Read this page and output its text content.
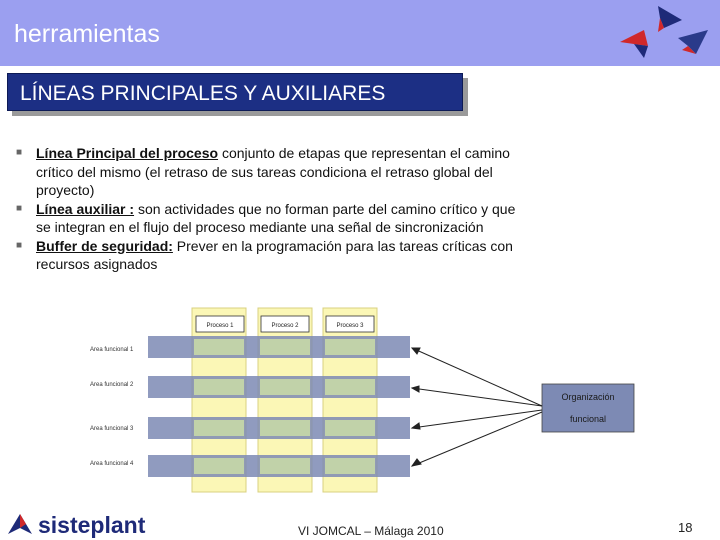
herramientas
LÍNEAS PRINCIPALES Y AUXILIARES
■ Línea Principal del proceso conjunto de etapas que representan el camino crítico del mismo (el retraso de sus tareas condiciona el retraso global del proyecto)
■ Línea auxiliar : son actividades que no forman parte del camino crítico y que se integran en el flujo del proceso mediante una señal de sincronización
■ Buffer de seguridad: Prever en la programación para las tareas críticas con recursos asignados
Proceso 1	Proceso 2	Proceso 3
Area funcional 1
Area funcional 2
Area funcional 3
Area funcional 4
Organización
funcional
sisteplant	VI JOMCAL – Málaga 2010	18
